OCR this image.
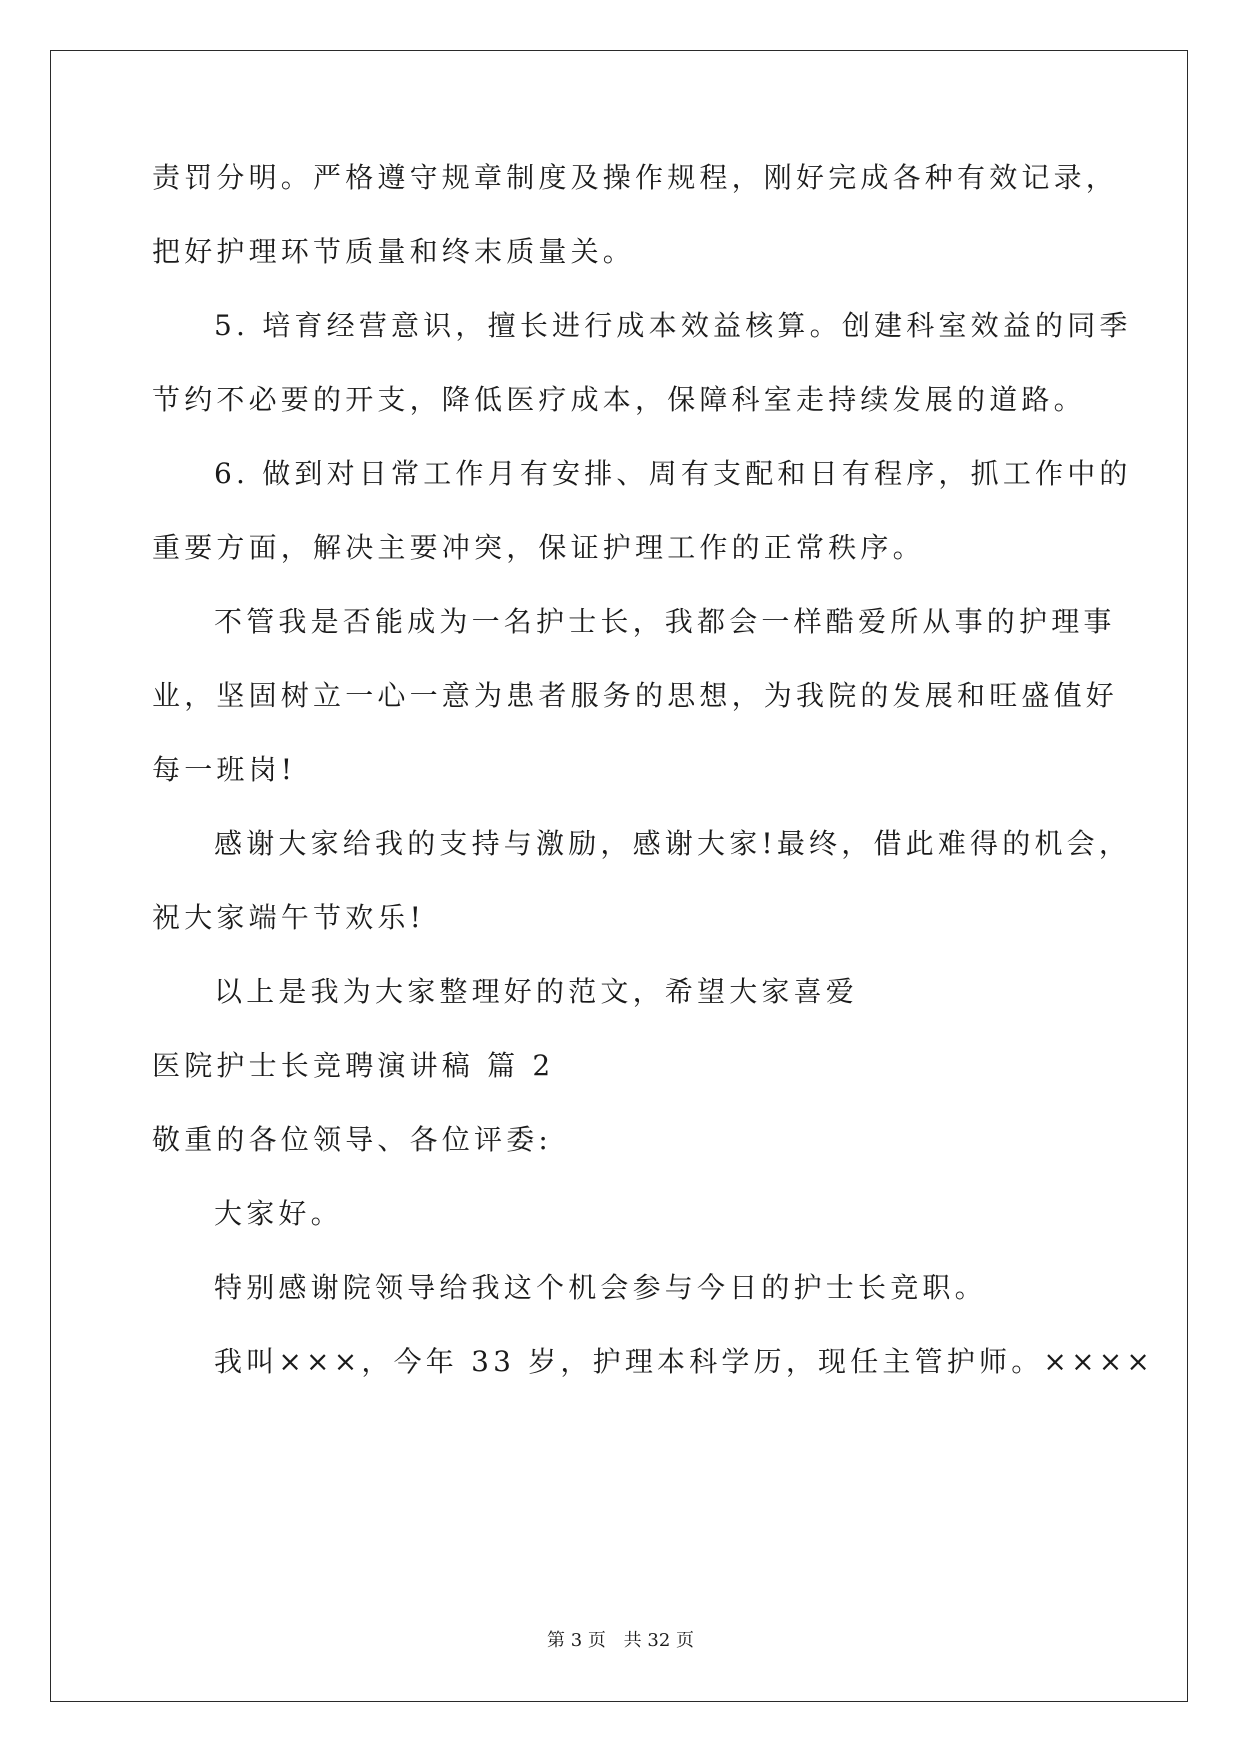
责罚分明。严格遵守规章制度及操作规程，刚好完成各种有效记录，
把好护理环节质量和终末质量关。
5. 培育经营意识，擅长进行成本效益核算。创建科室效益的同季
节约不必要的开支，降低医疗成本，保障科室走持续发展的道路。
6. 做到对日常工作月有安排、周有支配和日有程序，抓工作中的
重要方面，解决主要冲突，保证护理工作的正常秩序。
不管我是否能成为一名护士长，我都会一样酷爱所从事的护理事
业，坚固树立一心一意为患者服务的思想，为我院的发展和旺盛值好
每一班岗!
感谢大家给我的支持与激励，感谢大家!最终，借此难得的机会，
祝大家端午节欢乐!
以上是我为大家整理好的范文，希望大家喜爱
医院护士长竞聘演讲稿 篇 2
敬重的各位领导、各位评委:
大家好。
特别感谢院领导给我这个机会参与今日的护士长竞职。
我叫×××，今年 33 岁，护理本科学历，现任主管护师。××××
第 3 页 共 32 页
